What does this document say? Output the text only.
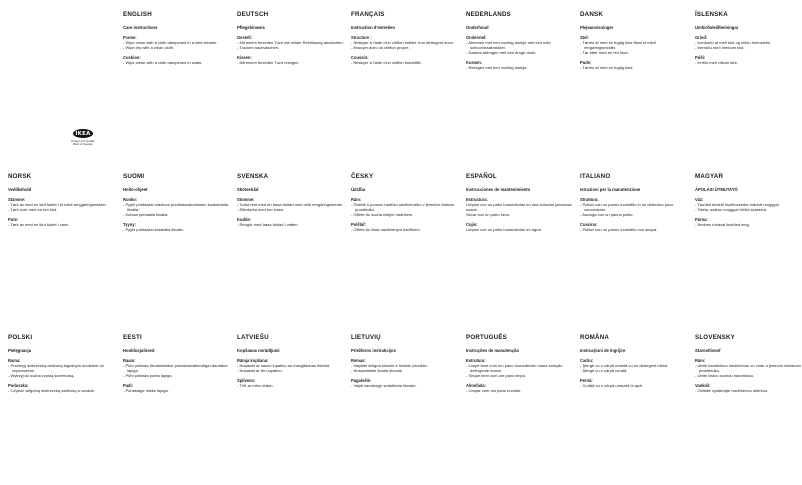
IKEA

Design and Quality

IKEA of Sweden

ENGLISH
Care instructions
Frame:

- Wipe clean with a cloth dampened in a mild cleaner.

- Wipe dry with a clean cloth.

Cushion:

- Wipe clean with a cloth dampened in water.

DEUTSCH
Pflegehinweis
Gestell:

- Mit einem feuchten Tuch mit milder Reinlösung abwischen.

- Trocken nachwischen.

Kissen:

- Mit einem feuchten Tuch reinigen.

FRANÇAIS
Instruction d'entretien
Structure :

- Nettoyer à l'aide d'un chiffon imbibé d'un détergent doux.

- Essuyer avec un chiffon propre.

Coussin:

- Nettoyer à l'aide d'un chiffon humidifié.

NEDERLANDS
Onderhoud
Onderstel:

- Afnemen met een vochtig doekje met een mild schoonmaakmiddel.

- Daarna afdrogen met een droge doek.

Kussen:

- Reinigen met een vochtig doekje.

DANSK
Plejeanvisninger
Stel:

- Tørres af med en fugtig klud tilsat et mildt rengøringsmiddel.

- Tør efter med en ren klud.

Pude:

- Tørres af med en fugtig klud.

ÍSLENSKA
Umhirðuleiðbeiningar
Grind:

- Þurrkaðu af með klút og mildu hreinsiefni.

- Þerraðu með hreinum klút.

Púði:

- Þrífðu með rökum klút.

NORSK
Vedlikehold
Stamme:

- Tørk av med en klut fuktet i et mildt rengjøringsmiddel.

- Tørk over med en ren klut.

Pute:

- Tørk av med en klut fuktet i vann.

SUOMI
Hoito-ohjeet
Runko:

- Pyyhi puhtaaksi miedoon puhdistusaineeseen kostutetulla liinalla.

- Kuivaa puhtaalla liinalla.

Tyyny:

- Pyyhi puhtaaksi kostealla liinalla.

SVENSKA
Skötselråd
Stomme:

- Torka rent med en trasa fuktad med mild rengöringsmedel.

- Eftertorka med torr trasa.

Kudde:

- Rengör med trasa fuktad i vatten.

ČESKY
Údržba
Rám:

- Čistěte s pomocí hadříku navlhčeného v jemném čisticím prostředku.

- Otřete do sucha čistým hadříkem.

Polštář:

- Otřete do čista navlhčeným hadříkem.

ESPAÑOL
Instrucciones de mantenimiento
Estructura:

Limpiar con un paño humedecido en una solución jabonosa suave.

Secar con un paño seco.

Cojín:

Limpiar con un paño humedecido en agua.

ITALIANO
Istruzioni per la manutenzione
Struttura:

- Pulisci con un panno inumidito in un detersivo poco concentrato.

- Asciuga con un panno pulito.

Cuscino:

- Pulisci con un panno inumidito con acqua.

MAGYAR
ÁPOLÁSI ÚTMUTATÓ
Váz:

- Tiszítsd kímélő tisztítószerbe mártott ronggyal.

- Tiszta, száraz ronggyal töröld szárazra.

Párna:

- Nedves ruhával tisztítsd meg.

POLSKI
Pielęgnacja
Rama:

- Przetrzyj ściereczką zwilżoną łagodnym środkiem do czyszczenia.

- Wytrzyj do sucha czystą ściereczką.

Poduszka:

- Czyścić wilgotną ściereczką zwilżoną w wodzie.

EESTI
Hooldusjuhised
Raam:

- Pühi puhtaks õrnatoimelise puhastusvahendiga niisutatud lapiga.

- Pühi puhtaks puhta lapiga.

Padi:

- Puhastage niiske lapiga.

LATVIEŠU
Kopšanas norādījumi
Rāmja kopšana:

- Noslaukt ar sausu lupatiņu un mazgāšanas līdzekli.

- Noslaukt ar tīru lupatiņu.

Spilvens:

- Tīrīt ar mitru drānu.

LIETUVIŲ
Priežiūros instrukcijos
Rėmas:

- Valykite drėgna šluoste ir švelniu plovikliu.

- Nusausinkite švaria šluoste.

Pagalvėlė:

- Valyti vandenyje sudrėkinta šluoste.

PORTUGUÊS
Instruções de manutenção
Estrutura:

- Limpe bem com um pano humedecido numa solução detergente suave.

- Seque bem com um pano limpo.

Almofada:

- Limpar com um pano húmido.

ROMÂNA
Instrucţiuni de îngrijire
Cadru:

- Şterge cu o cârpă umedă cu un detergent blând.

- Şterge cu o cârpă curată.

Pernă:

- Curăţă cu o cârpă umezită în apă.

SLOVENSKY
Starostlivosť
Rám:

- Utrite handričkou navlhčenou vo vode a jemnom čistiacom prostriedku.

- Utrite čistou suchou handričkou.

Vankúš:

- Očistite vyutierajte navlhčenou utierkou.
